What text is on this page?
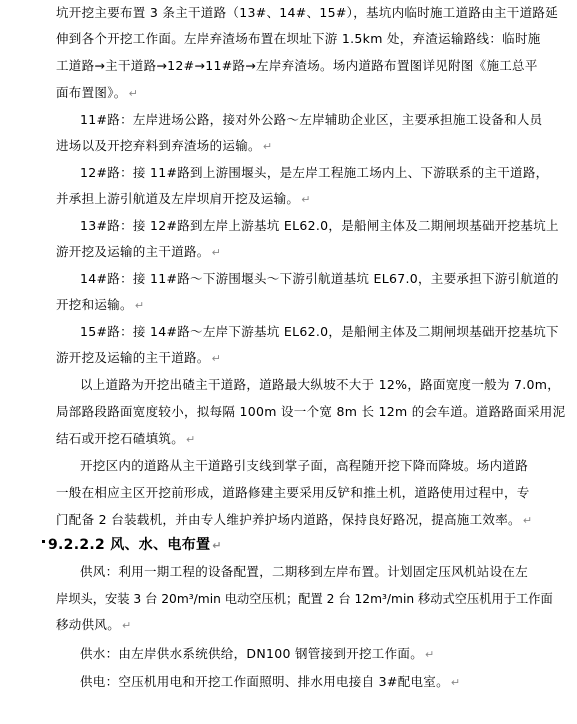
坑开挖主要布置 3 条主干道路（13#、14#、15#），基坑内临时施工道路由主干道路延
伸到各个开挖工作面。左岸弃渣场布置在坝址下游 1.5km 处，弃渣运输路线：临时施
工道路→主干道路→12#→11#路→左岸弃渣场。场内道路布置图详见附图《施工总平
面布置图》。 ↵
11#路：左岸进场公路，接对外公路～左岸辅助企业区，主要承担施工设备和人员
进场以及开挖弃料到弃渣场的运输。 ↵
12#路：接 11#路到上游围堰头，是左岸工程施工场内上、下游联系的主干道路，
并承担上游引航道及左岸坝肩开挖及运输。 ↵
13#路：接 12#路到左岸上游基坑 EL62.0，是船闸主体及二期闸坝基础开挖基坑上
游开挖及运输的主干道路。 ↵
14#路：接 11#路～下游围堰头～下游引航道基坑 EL67.0，主要承担下游引航道的
开挖和运输。 ↵
15#路：接 14#路～左岸下游基坑 EL62.0，是船闸主体及二期闸坝基础开挖基坑下
游开挖及运输的主干道路。 ↵
以上道路为开挖出碴主干道路，道路最大纵坡不大于 12%，路面宽度一般为 7.0m，
局部路段路面宽度较小，拟每隔 100m 设一个宽 8m 长 12m 的会车道。道路路面采用泥
结石或开挖石碴填筑。 ↵
开挖区内的道路从主干道路引支线到掌子面，高程随开挖下降而降坡。场内道路
一般在相应主区开挖前形成，道路修建主要采用反铲和推土机，道路使用过程中，专
门配备 2 台装载机，并由专人维护养护场内道路，保持良好路况，提高施工效率。 ↵
9.2.2.2 风、水、电布置 ↵
供风：利用一期工程的设备配置，二期移到左岸布置。计划固定压风机站设在左
岸坝头，安装 3 台 20m³/min 电动空压机；配置 2 台 12m³/min 移动式空压机用于工作面
移动供风。 ↵
供水：由左岸供水系统供给，DN100 钢管接到开挖工作面。 ↵
供电：空压机用电和开挖工作面照明、排水用电接自 3#配电室。 ↵
